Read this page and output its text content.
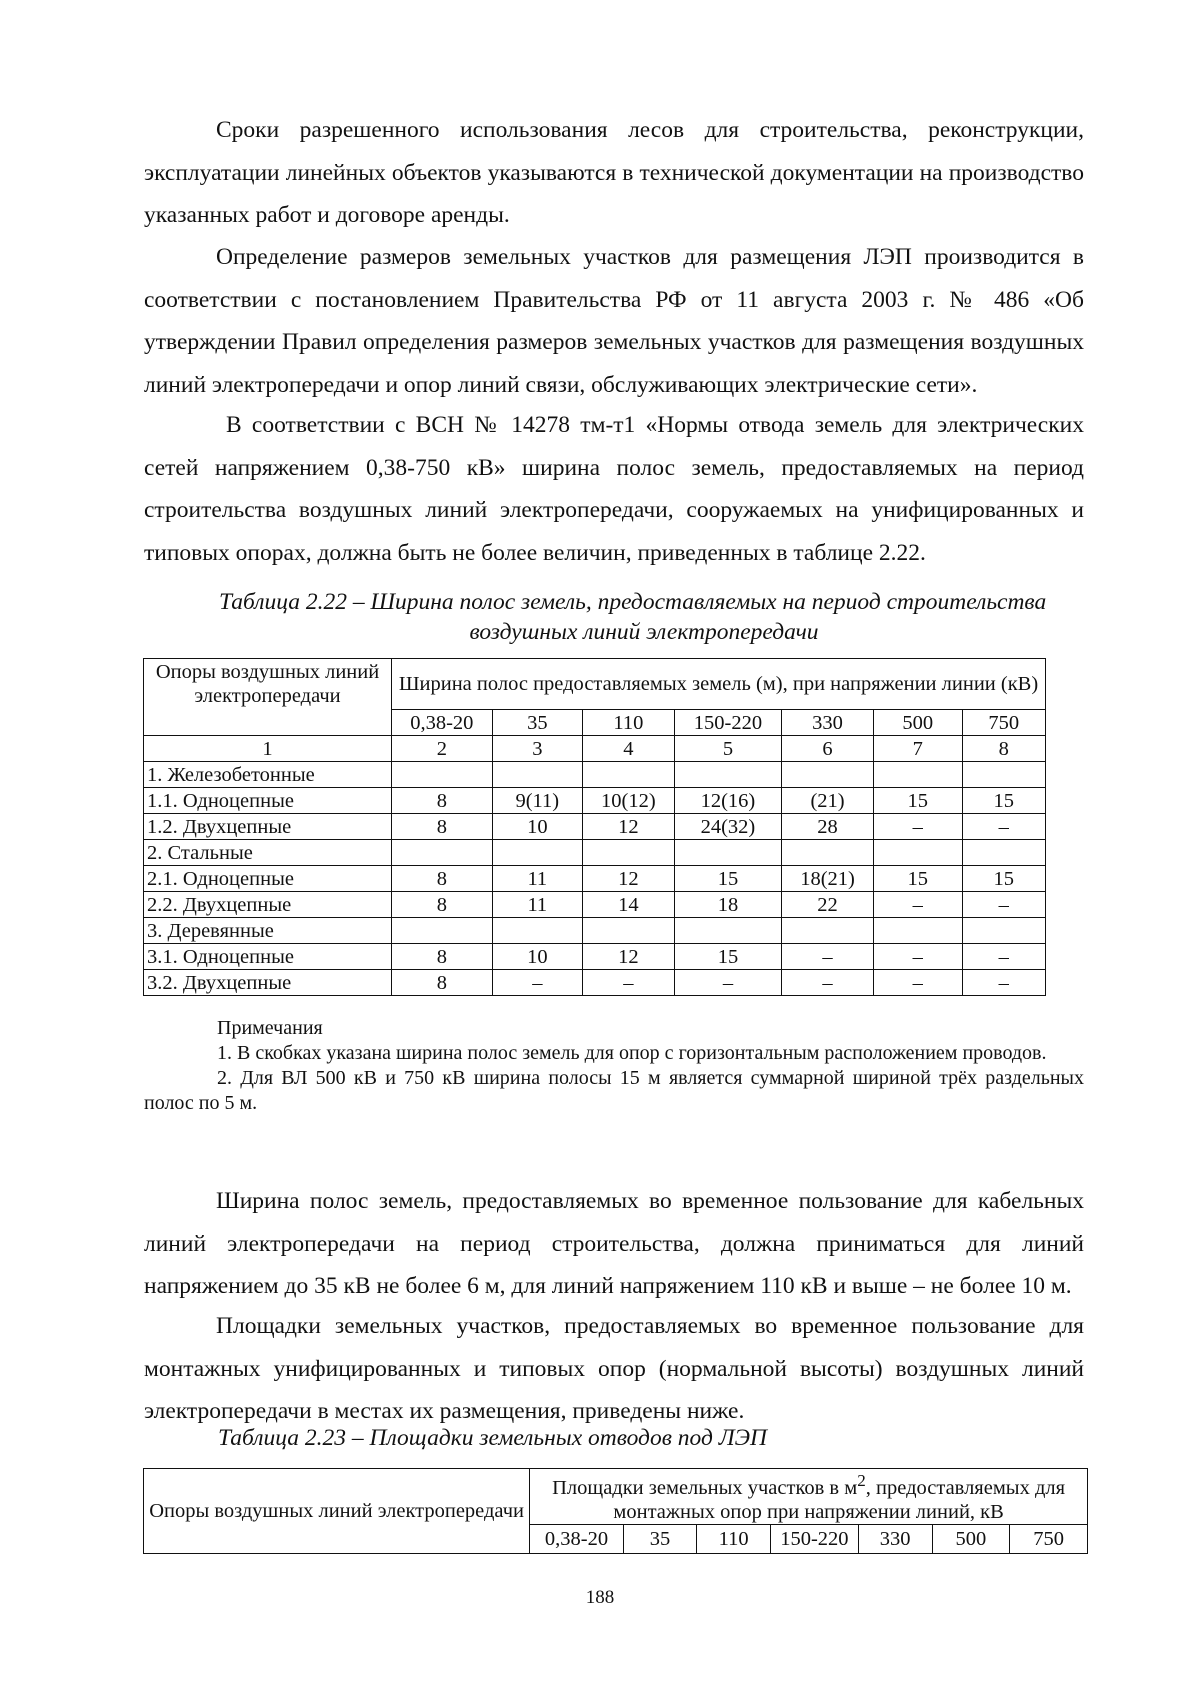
Сроки разрешенного использования лесов для строительства, реконструкции, эксплуатации линейных объектов указываются в технической документации на производство указанных работ и договоре аренды.

Определение размеров земельных участков для размещения ЛЭП производится в соответствии с постановлением Правительства РФ от 11 августа 2003 г. № 486 «Об утверждении Правил определения размеров земельных участков для размещения воздушных линий электропередачи и опор линий связи, обслуживающих электрические сети».

В соответствии с ВСН № 14278 тм-т1 «Нормы отвода земель для электрических сетей напряжением 0,38-750 кВ» ширина полос земель, предоставляемых на период строительства воздушных линий электропередачи, сооружаемых на унифицированных и типовых опорах, должна быть не более величин, приведенных в таблице 2.22.

Таблица 2.22 – Ширина полос земель, предоставляемых на период строительства
воздушных линий электропередачи
Опоры воздушных линий электропередачи	Ширина полос предоставляемых земель (м), при напряжении линии (кВ)						
	0,38-20	35	110	150-220	330	500	750
1	2	3	4	5	6	7	8
1. Железобетонные							
1.1. Одноцепные	8	9(11)	10(12)	12(16)	(21)	15	15
1.2. Двухцепные	8	10	12	24(32)	28	–	–
2. Стальные							
2.1. Одноцепные	8	11	12	15	18(21)	15	15
2.2. Двухцепные	8	11	14	18	22	–	–
3. Деревянные							
3.1. Одноцепные	8	10	12	15	–	–	–
3.2. Двухцепные	8	–	–	–	–	–	–
Примечания
1. В скобках указана ширина полос земель для опор с горизонтальным расположением проводов.
2. Для ВЛ 500 кВ и 750 кВ ширина полосы 15 м является суммарной шириной трёх раздельных полос по 5 м.

Ширина полос земель, предоставляемых во временное пользование для кабельных линий электропередачи на период строительства, должна приниматься для линий напряжением до 35 кВ не более 6 м, для линий напряжением 110 кВ и выше – не более 10 м.

Площадки земельных участков, предоставляемых во временное пользование для монтажных унифицированных и типовых опор (нормальной высоты) воздушных линий электропередачи в местах их размещения, приведены ниже.

Таблица 2.23 – Площадки земельных отводов под ЛЭП
Опоры воздушных линий электропередачи	Площадки земельных участков в $м^2$, предоставляемых для монтажных опор при напряжении линий, кВ						
	0,38-20	35	110	150-220	330	500	750
188
